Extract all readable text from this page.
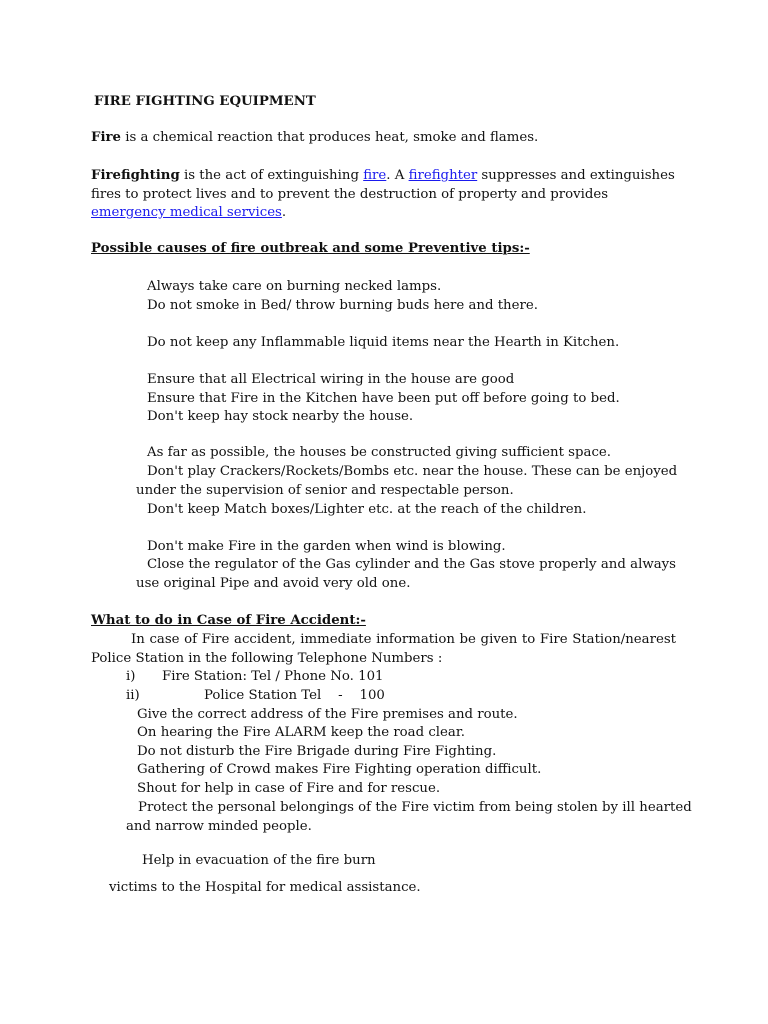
FIRE FIGHTING EQUIPMENT
Fire is a chemical reaction that produces heat, smoke and flames.
Firefighting is the act of extinguishing fire. A firefighter suppresses and extinguishes
fires to protect lives and to prevent the destruction of property and provides
emergency medical services.
Possible causes of fire outbreak and some Preventive tips:-
Always take care on burning necked lamps.
Do not smoke in Bed/ throw burning buds here and there.
Do not keep any Inflammable liquid items near the Hearth in Kitchen.
Ensure that all Electrical wiring in the house are good
Ensure that Fire in the Kitchen have been put off before going to bed.
Don't keep hay stock nearby the house.
As far as possible, the houses be constructed giving sufficient space.
Don't play Crackers/Rockets/Bombs etc. near the house. These can be enjoyed
under the supervision of senior and respectable person.
Don't keep Match boxes/Lighter etc. at the reach of the children.
Don't make Fire in the garden when wind is blowing.
Close the regulator of the Gas cylinder and the Gas stove properly and always
use original Pipe and avoid very old one.
What to do in Case of Fire Accident:-
In case of Fire accident, immediate information be given to Fire Station/nearest
Police Station in the following Telephone Numbers :
i) Fire Station: Tel / Phone No. 101
ii)	Police Station Tel    -    100
Give the correct address of the Fire premises and route.
On hearing the Fire ALARM keep the road clear.
Do not disturb the Fire Brigade during Fire Fighting.
Gathering of Crowd makes Fire Fighting operation difficult.
Shout for help in case of Fire and for rescue.
Protect the personal belongings of the Fire victim from being stolen by ill hearted
and narrow minded people.
Help in evacuation of the fire burn
victims to the Hospital for medical assistance.
